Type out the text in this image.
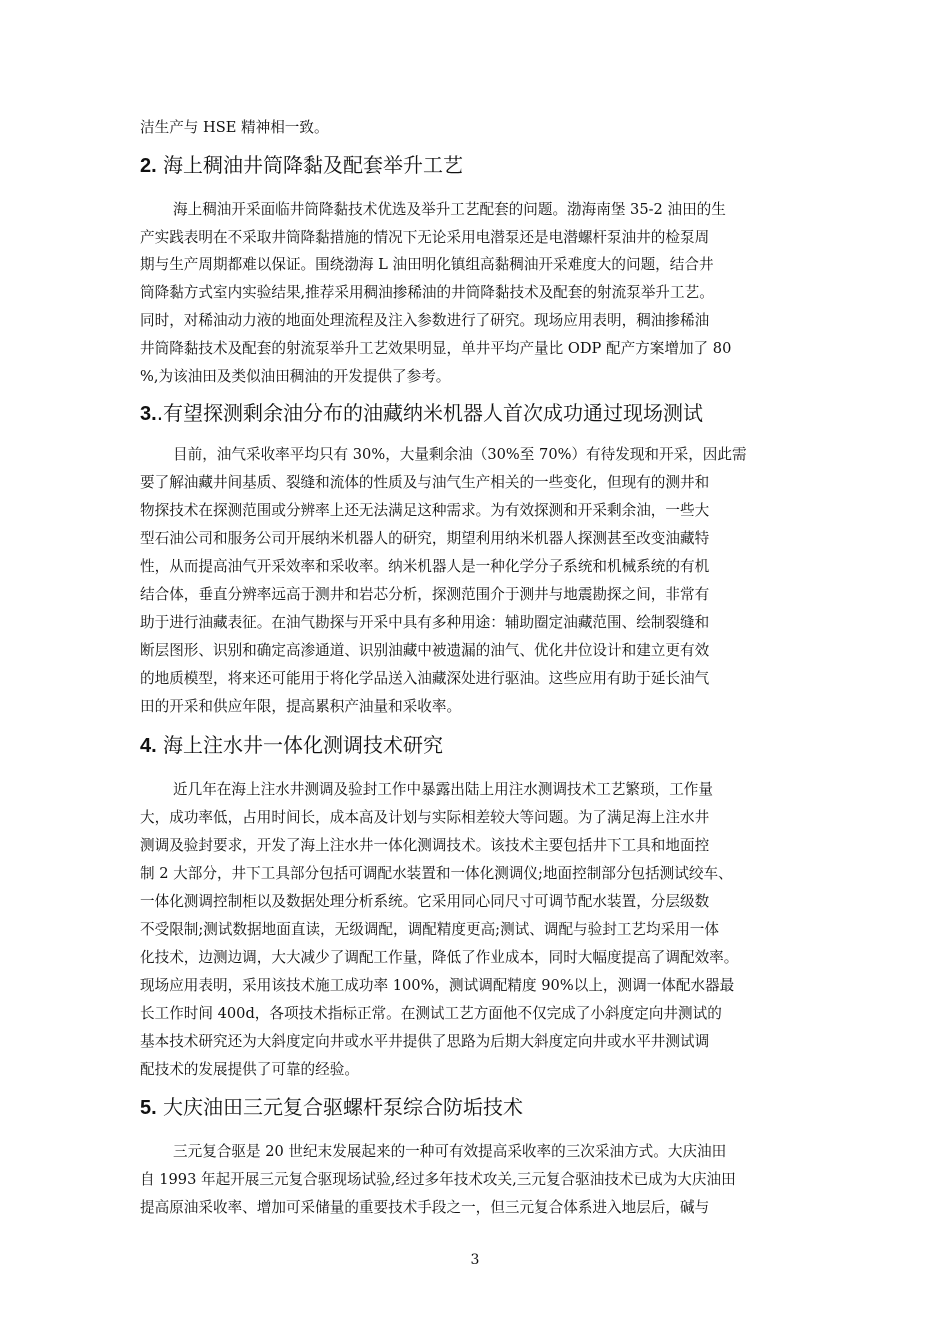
洁生产与 HSE 精神相一致。
2. 海上稠油井筒降黏及配套举升工艺
海上稠油开采面临井筒降黏技术优选及举升工艺配套的问题。渤海南堡 35-2 油田的生
产实践表明在不采取井筒降黏措施的情况下无论采用电潜泵还是电潜螺杆泵油井的检泵周
期与生产周期都难以保证。围绕渤海 L 油田明化镇组高黏稠油开采难度大的问题，结合井
筒降黏方式室内实验结果,推荐采用稠油掺稀油的井筒降黏技术及配套的射流泵举升工艺。
同时，对稀油动力液的地面处理流程及注入参数进行了研究。现场应用表明，稠油掺稀油
井筒降黏技术及配套的射流泵举升工艺效果明显，单井平均产量比 ODP 配产方案增加了 80
%,为该油田及类似油田稠油的开发提供了参考。
3..有望探测剩余油分布的油藏纳米机器人首次成功通过现场测试
目前，油气采收率平均只有 30%，大量剩余油（30%至 70%）有待发现和开采，因此需
要了解油藏井间基质、裂缝和流体的性质及与油气生产相关的一些变化，但现有的测井和
物探技术在探测范围或分辨率上还无法满足这种需求。为有效探测和开采剩余油，一些大
型石油公司和服务公司开展纳米机器人的研究，期望利用纳米机器人探测甚至改变油藏特
性，从而提高油气开采效率和采收率。纳米机器人是一种化学分子系统和机械系统的有机
结合体，垂直分辨率远高于测井和岩芯分析，探测范围介于测井与地震勘探之间，非常有
助于进行油藏表征。在油气勘探与开采中具有多种用途：辅助圈定油藏范围、绘制裂缝和
断层图形、识别和确定高渗通道、识别油藏中被遗漏的油气、优化井位设计和建立更有效
的地质模型，将来还可能用于将化学品送入油藏深处进行驱油。这些应用有助于延长油气
田的开采和供应年限，提高累积产油量和采收率。
4. 海上注水井一体化测调技术研究
近几年在海上注水井测调及验封工作中暴露出陆上用注水测调技术工艺繁琐，工作量
大，成功率低，占用时间长，成本高及计划与实际相差较大等问题。为了满足海上注水井
测调及验封要求，开发了海上注水井一体化测调技术。该技术主要包括井下工具和地面控
制 2 大部分，井下工具部分包括可调配水装置和一体化测调仪;地面控制部分包括测试绞车、
一体化测调控制柜以及数据处理分析系统。它采用同心同尺寸可调节配水装置，分层级数
不受限制;测试数据地面直读，无级调配，调配精度更高;测试、调配与验封工艺均采用一体
化技术，边测边调，大大减少了调配工作量，降低了作业成本，同时大幅度提高了调配效率。
现场应用表明，采用该技术施工成功率 100%，测试调配精度 90%以上，测调一体配水器最
长工作时间 400d，各项技术指标正常。在测试工艺方面他不仅完成了小斜度定向井测试的
基本技术研究还为大斜度定向井或水平井提供了思路为后期大斜度定向井或水平井测试调
配技术的发展提供了可靠的经验。
5. 大庆油田三元复合驱螺杆泵综合防垢技术
三元复合驱是 20 世纪末发展起来的一种可有效提高采收率的三次采油方式。大庆油田
自 1993 年起开展三元复合驱现场试验,经过多年技术攻关,三元复合驱油技术已成为大庆油田
提高原油采收率、增加可采储量的重要技术手段之一，但三元复合体系进入地层后，碱与
3
